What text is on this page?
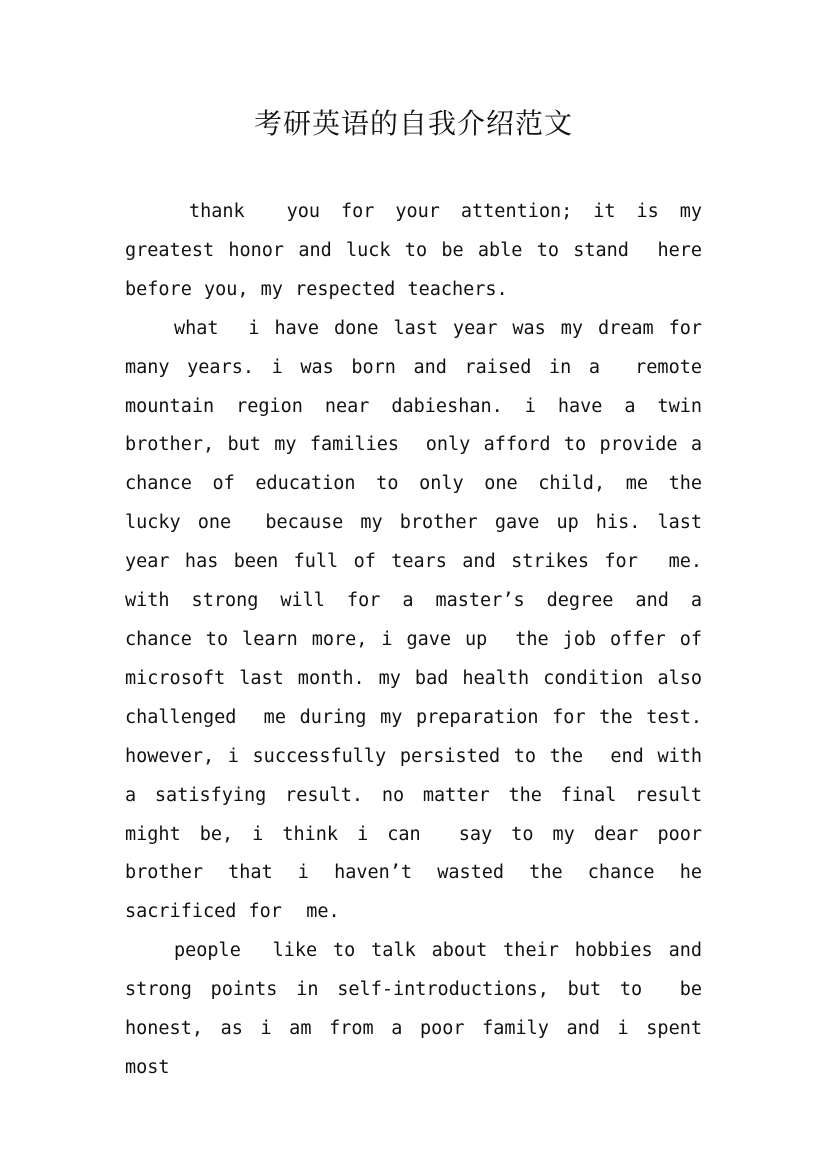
考研英语的自我介绍范文

thank  you for your attention; it is my greatest honor and luck to be able to stand  here before you, my respected teachers.

what  i have done last year was my dream for many years. i was born and raised in a  remote mountain region near dabieshan. i have a twin brother, but my families  only afford to provide a chance of education to only one child, me the lucky one  because my brother gave up his. last year has been full of tears and strikes for  me. with strong will for a master’s degree and a chance to learn more, i gave up  the job offer of microsoft last month. my bad health condition also challenged  me during my preparation for the test. however, i successfully persisted to the  end with a satisfying result. no matter the final result might be, i think i can  say to my dear poor brother that i haven’t wasted the chance he sacrificed for  me.

people  like to talk about their hobbies and strong points in self-introductions, but to  be honest, as i am from a poor family and i spent most
